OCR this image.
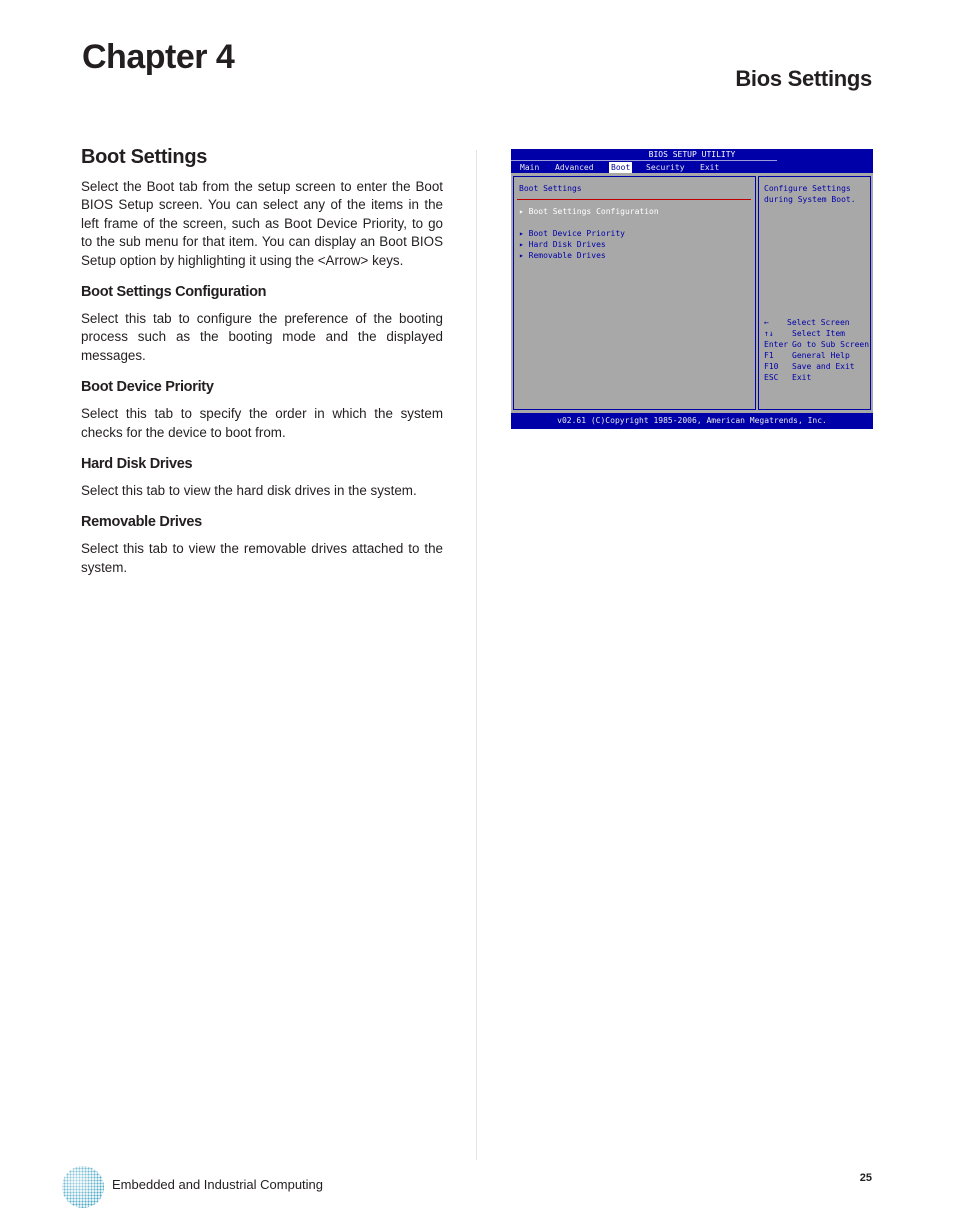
Chapter 4
Bios Settings
Boot Settings

Select the Boot tab from the setup screen to enter the Boot BIOS Setup screen. You can select any of the items in the left frame of the screen, such as Boot Device Priority, to go to the sub menu for that item. You can display an Boot BIOS Setup option by highlighting it using the <Arrow> keys.

Boot Settings Configuration

Select this tab to configure the preference of the booting process such as the booting mode and the displayed messages.

Boot Device Priority

Select this tab to specify the order in which the system checks for the device to boot from.

Hard Disk Drives

Select this tab to view the hard disk drives in the system.

Removable Drives

Select this tab to view the removable drives attached to the system.

BIOS SETUP UTILITY
Main Advanced Boot Security Exit
Boot Settings
▸ Boot Settings Configuration
▸ Boot Device Priority
▸ Hard Disk Drives
▸ Removable Drives
Configure Settings
during System Boot.
← Select Screen
↑↓ Select Item
Enter Go to Sub Screen
F1 General Help
F10 Save and Exit
ESC Exit
v02.61 (C)Copyright 1985-2006, American Megatrends, Inc.
Embedded and Industrial Computing	25
